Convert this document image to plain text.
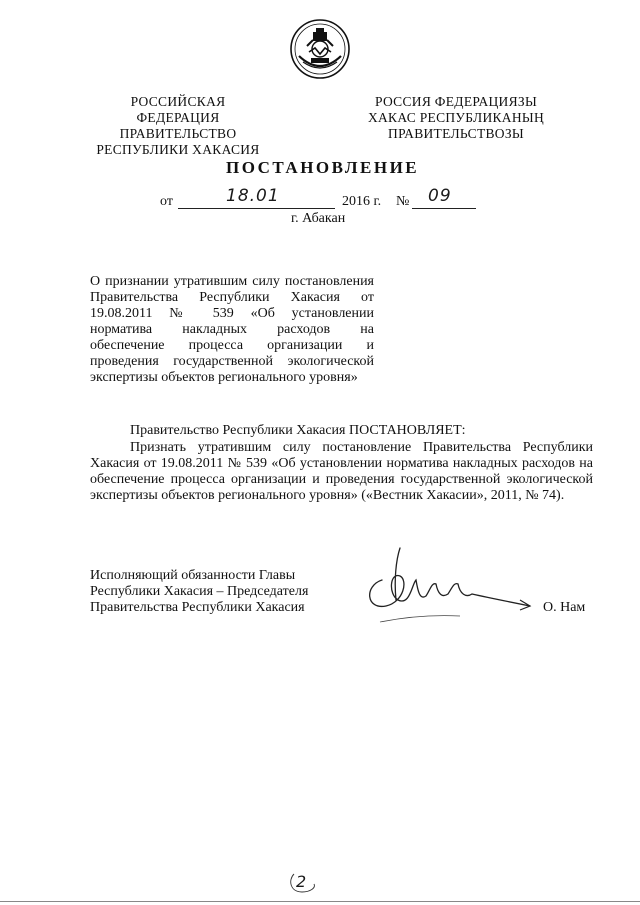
РОССИЙСКАЯ ФЕДЕРАЦИЯ
ПРАВИТЕЛЬСТВО
РЕСПУБЛИКИ ХАКАСИЯ
РОССИЯ ФЕДЕРАЦИЯЗЫ
ХАКАС РЕСПУБЛИКАНЫҢ
ПРАВИТЕЛЬСТВОЗЫ
ПОСТАНОВЛЕНИЕ
от	18.01	2016 г. № 09
г. Абакан
О признании утратившим силу постановления
Правительства Республики Хакасия от
19.08.2011 № 539 «Об установлении
норматива накладных расходов на
обеспечение процесса организации и
проведения государственной экологической
экспертизы объектов регионального уровня»
Правительство Республики Хакасия ПОСТАНОВЛЯЕТ:
Признать утратившим силу постановление Правительства Республики
Хакасия от 19.08.2011 № 539 «Об установлении норматива накладных расходов на
обеспечение процесса организации и проведения государственной экологической
экспертизы объектов регионального уровня» («Вестник Хакасии», 2011, № 74).
Исполняющий обязанности Главы
Республики Хакасия – Председателя
Правительства Республики Хакасия	О. Нам
2
